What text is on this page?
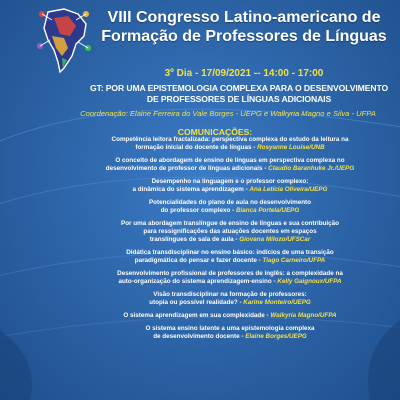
VIII Congresso Latino-americano de
Formação de Professores de Línguas
3º Dia - 17/09/2021 -- 14:00 - 17:00
GT: POR UMA EPISTEMOLOGIA COMPLEXA PARA O DESENVOLVIMENTO
DE PROFESSORES DE LÍNGUAS ADICIONAIS
Coordenação: Elaine Ferreira do Vale Borges - UEPG e Walkyria Magno e Silva - UFPA
COMUNICAÇÕES:
Competência leitora fractalizada: perspectiva complexa do estudo da leitura na
formação inicial do docente de línguas - Rosyanne Louise/UNB
O conceito de abordagem de ensino de línguas em perspectiva complexa no
desenvolvimento de professor de línguas adicionais - Claudio Baranhuke Jr./UEPG
Desempenho na linguagem e o professor complexo:
a dinâmica do sistema aprendizagem - Ana Letícia Oliveira/UEPG
Potencialidades do plano de aula no desenvolvimento
do professor complexo - Bianca Portela/UEPG
Por uma abordagem translíngue de ensino de línguas e sua contribuição
para ressignificações das atuações docentes em espaços
translíngues de sala de aula - Giovana Milozo/UFSCar
Didática transdisciplinar no ensino básico: indícios de uma transição
paradigmática do pensar e fazer docente - Tiago Carneiro/UFPA
Desenvolvimento profissional de professores de inglês: a complexidade na
auto-organização do sistema aprendizagem-ensino - Kelly Gaignoux/UFPA
Visão transdisciplinar na formação de professores:
utopia ou possível realidade? - Karine Monteiro/UEPG
O sistema aprendizagem em sua complexidade - Walkyria Magno/UFPA
O sistema ensino latente a uma epistemologia complexa
de desenvolvimento docente - Elaine Borges/UEPG
